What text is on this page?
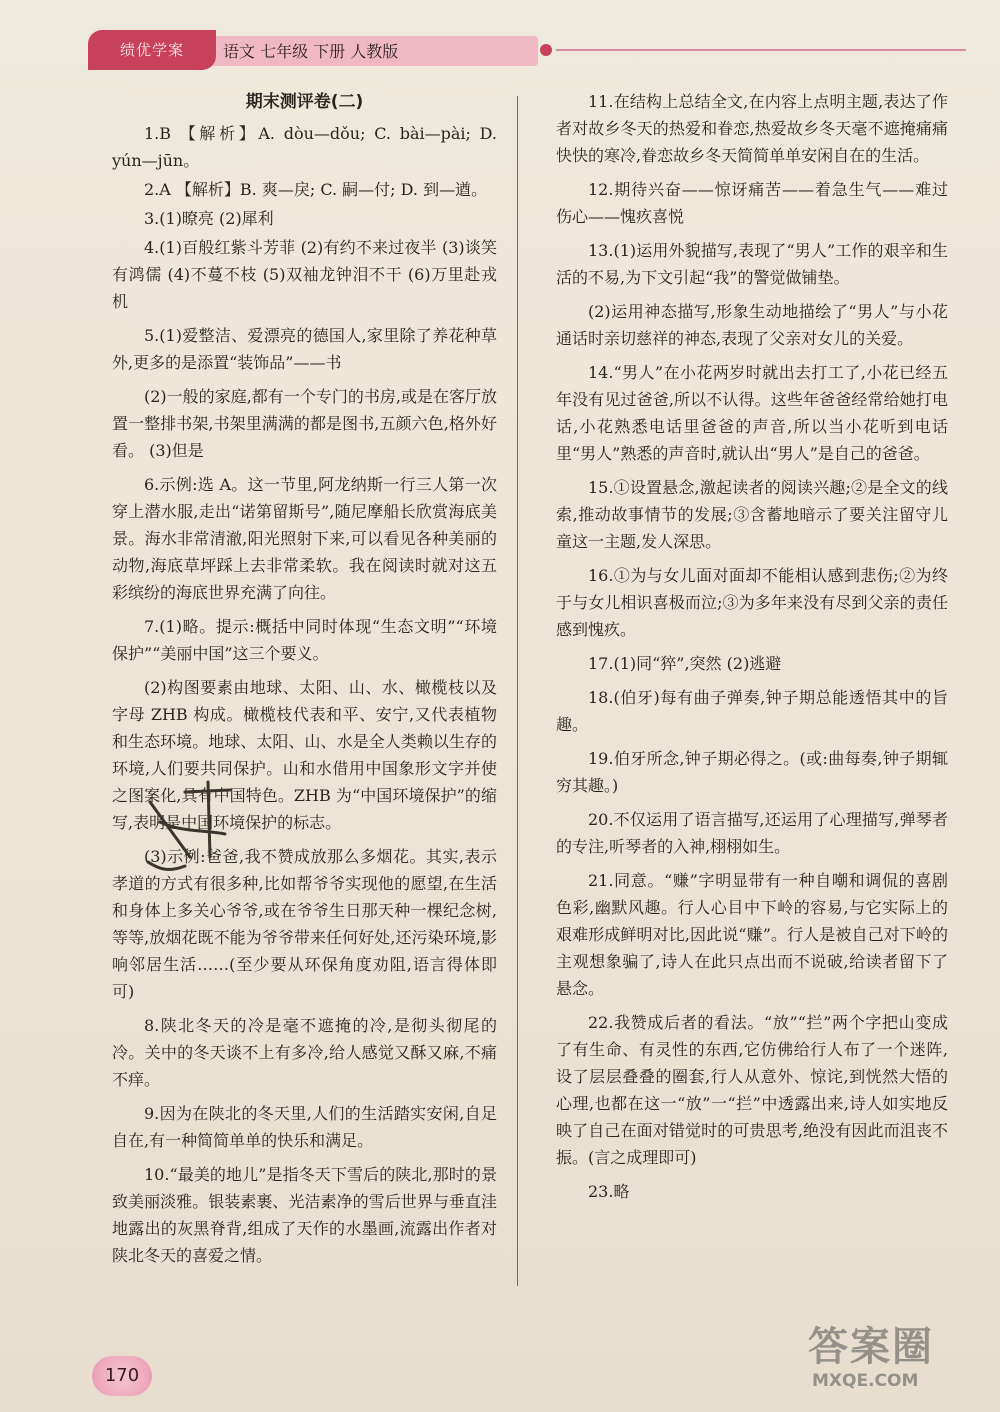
绩优学案	语文 七年级 下册 人教版
期末测评卷(二)

1.B 【解析】A. dòu—dǒu; C. bài—pài; D. yún—jūn。

2.A 【解析】B. 爽—戾; C. 嗣—付; D. 到—遒。

3.(1)暸亮 (2)犀利

4.(1)百般红紫斗芳菲 (2)有约不来过夜半 (3)谈笑有鸿儒 (4)不蔓不枝 (5)双袖龙钟泪不干 (6)万里赴戎机

5.(1)爱整洁、爱漂亮的德国人,家里除了养花种草外,更多的是添置“装饰品”——书

(2)一般的家庭,都有一个专门的书房,或是在客厅放置一整排书架,书架里满满的都是图书,五颜六色,格外好看。 (3)但是

6.示例:选 A。这一节里,阿龙纳斯一行三人第一次穿上潜水服,走出“诺第留斯号”,随尼摩船长欣赏海底美景。海水非常清澈,阳光照射下来,可以看见各种美丽的动物,海底草坪踩上去非常柔软。我在阅读时就对这五彩缤纷的海底世界充满了向往。

7.(1)略。提示:概括中同时体现“生态文明”“环境保护”“美丽中国”这三个要义。

(2)构图要素由地球、太阳、山、水、橄榄枝以及字母 ZHB 构成。橄榄枝代表和平、安宁,又代表植物和生态环境。地球、太阳、山、水是全人类赖以生存的环境,人们要共同保护。山和水借用中国象形文字并使之图案化,具有中国特色。ZHB 为“中国环境保护”的缩写,表明是中国环境保护的标志。

(3)示例:爸爸,我不赞成放那么多烟花。其实,表示孝道的方式有很多种,比如帮爷爷实现他的愿望,在生活和身体上多关心爷爷,或在爷爷生日那天种一棵纪念树,等等,放烟花既不能为爷爷带来任何好处,还污染环境,影响邻居生活……(至少要从环保角度劝阻,语言得体即可)

8.陕北冬天的冷是毫不遮掩的冷,是彻头彻尾的冷。关中的冬天谈不上有多冷,给人感觉又酥又麻,不痛不痒。

9.因为在陕北的冬天里,人们的生活踏实安闲,自足自在,有一种简简单单的快乐和满足。

10.“最美的地儿”是指冬天下雪后的陕北,那时的景致美丽淡雅。银装素裹、光洁素净的雪后世界与垂直洼地露出的灰黑脊背,组成了天作的水墨画,流露出作者对陕北冬天的喜爱之情。

11.在结构上总结全文,在内容上点明主题,表达了作者对故乡冬天的热爱和眷恋,热爱故乡冬天毫不遮掩痛痛快快的寒冷,眷恋故乡冬天简简单单安闲自在的生活。

12.期待兴奋——惊讶痛苦——着急生气——难过伤心——愧疚喜悦

13.(1)运用外貌描写,表现了“男人”工作的艰辛和生活的不易,为下文引起“我”的警觉做铺垫。

(2)运用神态描写,形象生动地描绘了“男人”与小花通话时亲切慈祥的神态,表现了父亲对女儿的关爱。

14.“男人”在小花两岁时就出去打工了,小花已经五年没有见过爸爸,所以不认得。这些年爸爸经常给她打电话,小花熟悉电话里爸爸的声音,所以当小花听到电话里“男人”熟悉的声音时,就认出“男人”是自己的爸爸。

15.①设置悬念,激起读者的阅读兴趣;②是全文的线索,推动故事情节的发展;③含蓄地暗示了要关注留守儿童这一主题,发人深思。

16.①为与女儿面对面却不能相认感到悲伤;②为终于与女儿相识喜极而泣;③为多年来没有尽到父亲的责任感到愧疚。

17.(1)同“猝”,突然 (2)逃避

18.(伯牙)每有曲子弹奏,钟子期总能透悟其中的旨趣。

19.伯牙所念,钟子期必得之。(或:曲每奏,钟子期辄穷其趣。)

20.不仅运用了语言描写,还运用了心理描写,弹琴者的专注,听琴者的入神,栩栩如生。

21.同意。“赚”字明显带有一种自嘲和调侃的喜剧色彩,幽默风趣。行人心目中下岭的容易,与它实际上的艰难形成鲜明对比,因此说“赚”。行人是被自己对下岭的主观想象骗了,诗人在此只点出而不说破,给读者留下了悬念。

22.我赞成后者的看法。“放”“拦”两个字把山变成了有生命、有灵性的东西,它仿佛给行人布了一个迷阵,设了层层叠叠的圈套,行人从意外、惊诧,到恍然大悟的心理,也都在这一“放”一“拦”中透露出来,诗人如实地反映了自己在面对错觉时的可贵思考,绝没有因此而沮丧不振。(言之成理即可)

23.略

170
答案圈
MXQE.COM
